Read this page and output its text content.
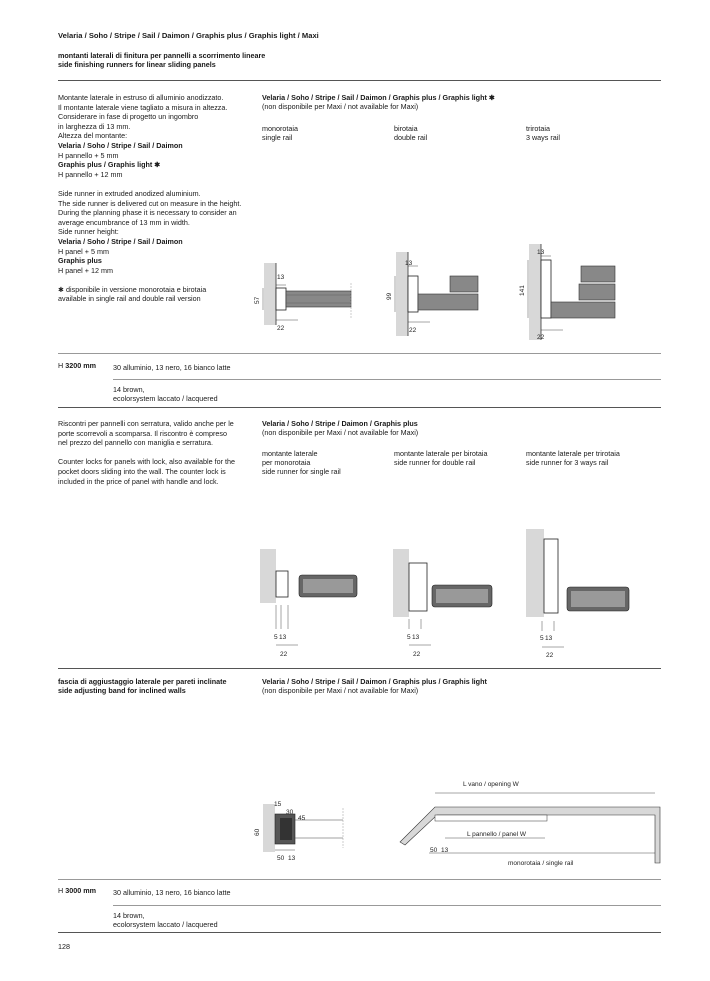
Velaria / Soho / Stripe / Sail / Daimon / Graphis plus / Graphis light / Maxi
montanti laterali di finitura per pannelli a scorrimento lineare
side finishing runners for linear sliding panels
Montante laterale in estruso di alluminio anodizzato.
Il montante laterale viene tagliato a misura in altezza.
Considerare in fase di progetto un ingombro
in larghezza di 13 mm.
Altezza del montante:
Velaria / Soho / Stripe / Sail / Daimon
H pannello + 5 mm
Graphis plus / Graphis light ✱
H pannello + 12 mm
Side runner in extruded anodized aluminium.
The side runner is delivered cut on measure in the height.
During the planning phase it is necessary to consider an
average encumbrance of 13 mm in width.
Side runner height:
Velaria / Soho / Stripe / Sail / Daimon
H panel + 5 mm
Graphis plus
H panel + 12 mm
✱ disponibile in versione monorotaia e birotaia
available in single rail and double rail version
Velaria / Soho / Stripe / Sail / Daimon / Graphis plus / Graphis light ✱
(non disponibile per Maxi / not available for Maxi)
monorotaia
single rail
birotaia
double rail
trirotaia
3 ways rail
13
22
57
13
22
99
13
22
141
H 3200 mm 30 alluminio, 13 nero, 16 bianco latte
14 brown,
ecolorsystem laccato / lacquered
Riscontri per pannelli con serratura, valido anche per le
porte scorrevoli a scomparsa. Il riscontro è compreso
nel prezzo del pannello con maniglia e serratura.
Counter locks for panels with lock, also available for the
pocket doors sliding into the wall. The counter lock is
included in the price of panel with handle and lock.
Velaria / Soho / Stripe / Daimon / Graphis plus
(non disponibile per Maxi / not available for Maxi)
montante laterale
per monorotaia
side runner for single rail
montante laterale per birotaia
side runner for double rail
montante laterale per trirotaia
side runner for 3 ways rail
5 13
22
5 13
22
5 13
22
fascia di aggiustaggio laterale per pareti inclinate
side adjusting band for inclined walls
Velaria / Soho / Stripe / Sail / Daimon / Graphis plus / Graphis light
(non disponibile per Maxi / not available for Maxi)
15
30
45
60
50 13
L vano / opening W
L pannello / panel W
50 13
monorotaia / single rail
H 3000 mm 30 alluminio, 13 nero, 16 bianco latte
14 brown,
ecolorsystem laccato / lacquered
128
